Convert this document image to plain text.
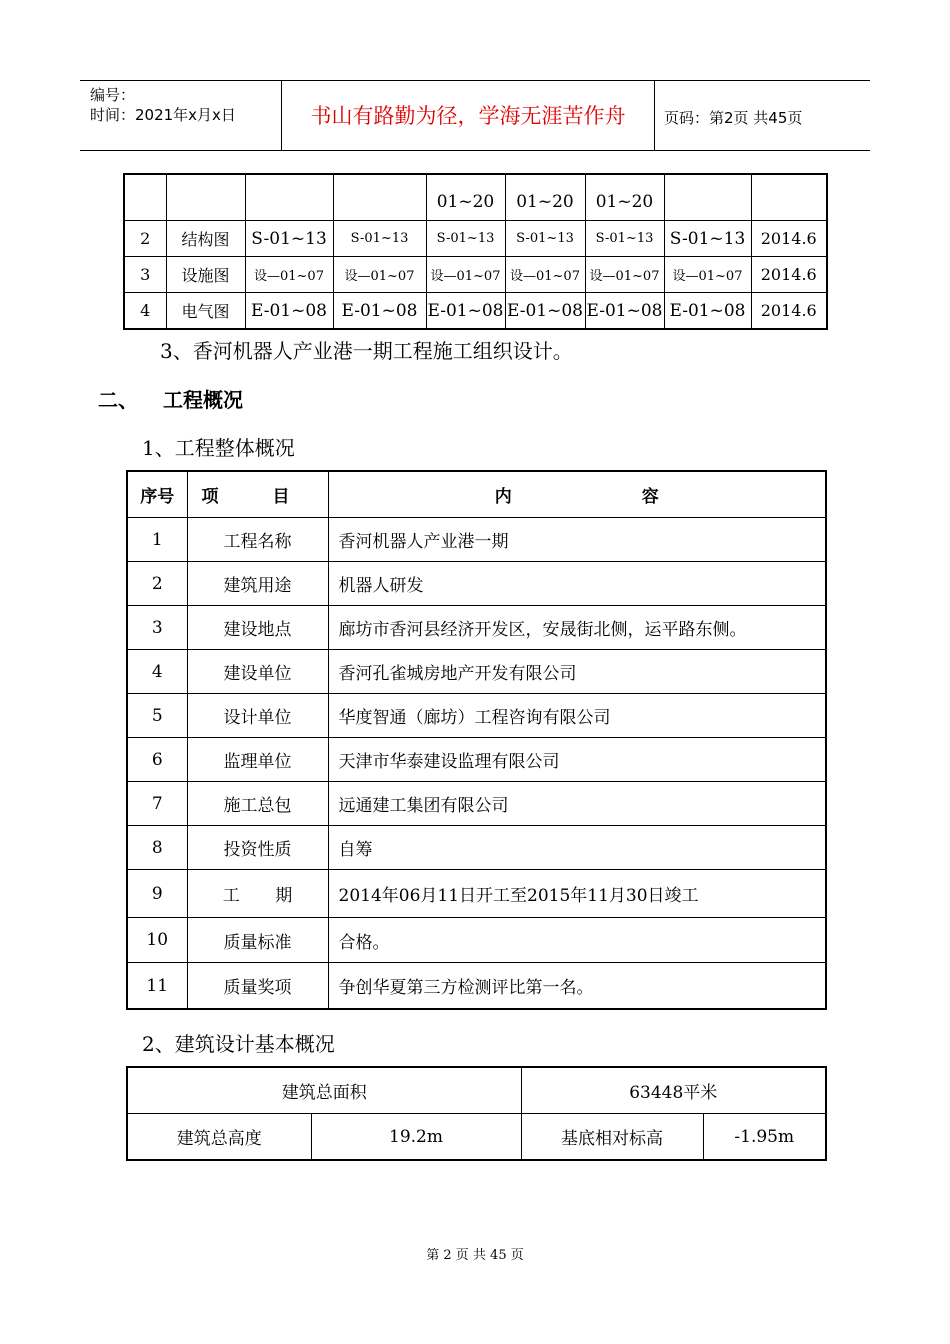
编号：
时间：2021年x月x日	书山有路勤为径，学海无涯苦作舟	页码：第2页 共45页
				01~20	01~20	01~20		
2	结构图	S-01~13	S-01~13	S-01~13	S-01~13	S-01~13	S-01~13	2014.6
3	设施图	设—01~07	设—01~07	设—01~07	设—01~07	设—01~07	设—01~07	2014.6
4	电气图	E-01~08	E-01~08	E-01~08	E-01~08	E-01~08	E-01~08	2014.6
3、香河机器人产业港一期工程施工组织设计。
二、 工程概况
1、工程整体概况
序号	项 目	内 容
1	工程名称	香河机器人产业港一期
2	建筑用途	机器人研发
3	建设地点	廊坊市香河县经济开发区，安晟街北侧，运平路东侧。
4	建设单位	香河孔雀城房地产开发有限公司
5	设计单位	华度智通（廊坊）工程咨询有限公司
6	监理单位	天津市华泰建设监理有限公司
7	施工总包	远通建工集团有限公司
8	投资性质	自筹
9	工 期	2014年06月11日开工至2015年11月30日竣工
10	质量标准	合格。
11	质量奖项	争创华夏第三方检测评比第一名。
2、建筑设计基本概况
建筑总面积		63448平米	
建筑总高度	19.2m	基底相对标高	-1.95m
第 2 页 共 45 页
